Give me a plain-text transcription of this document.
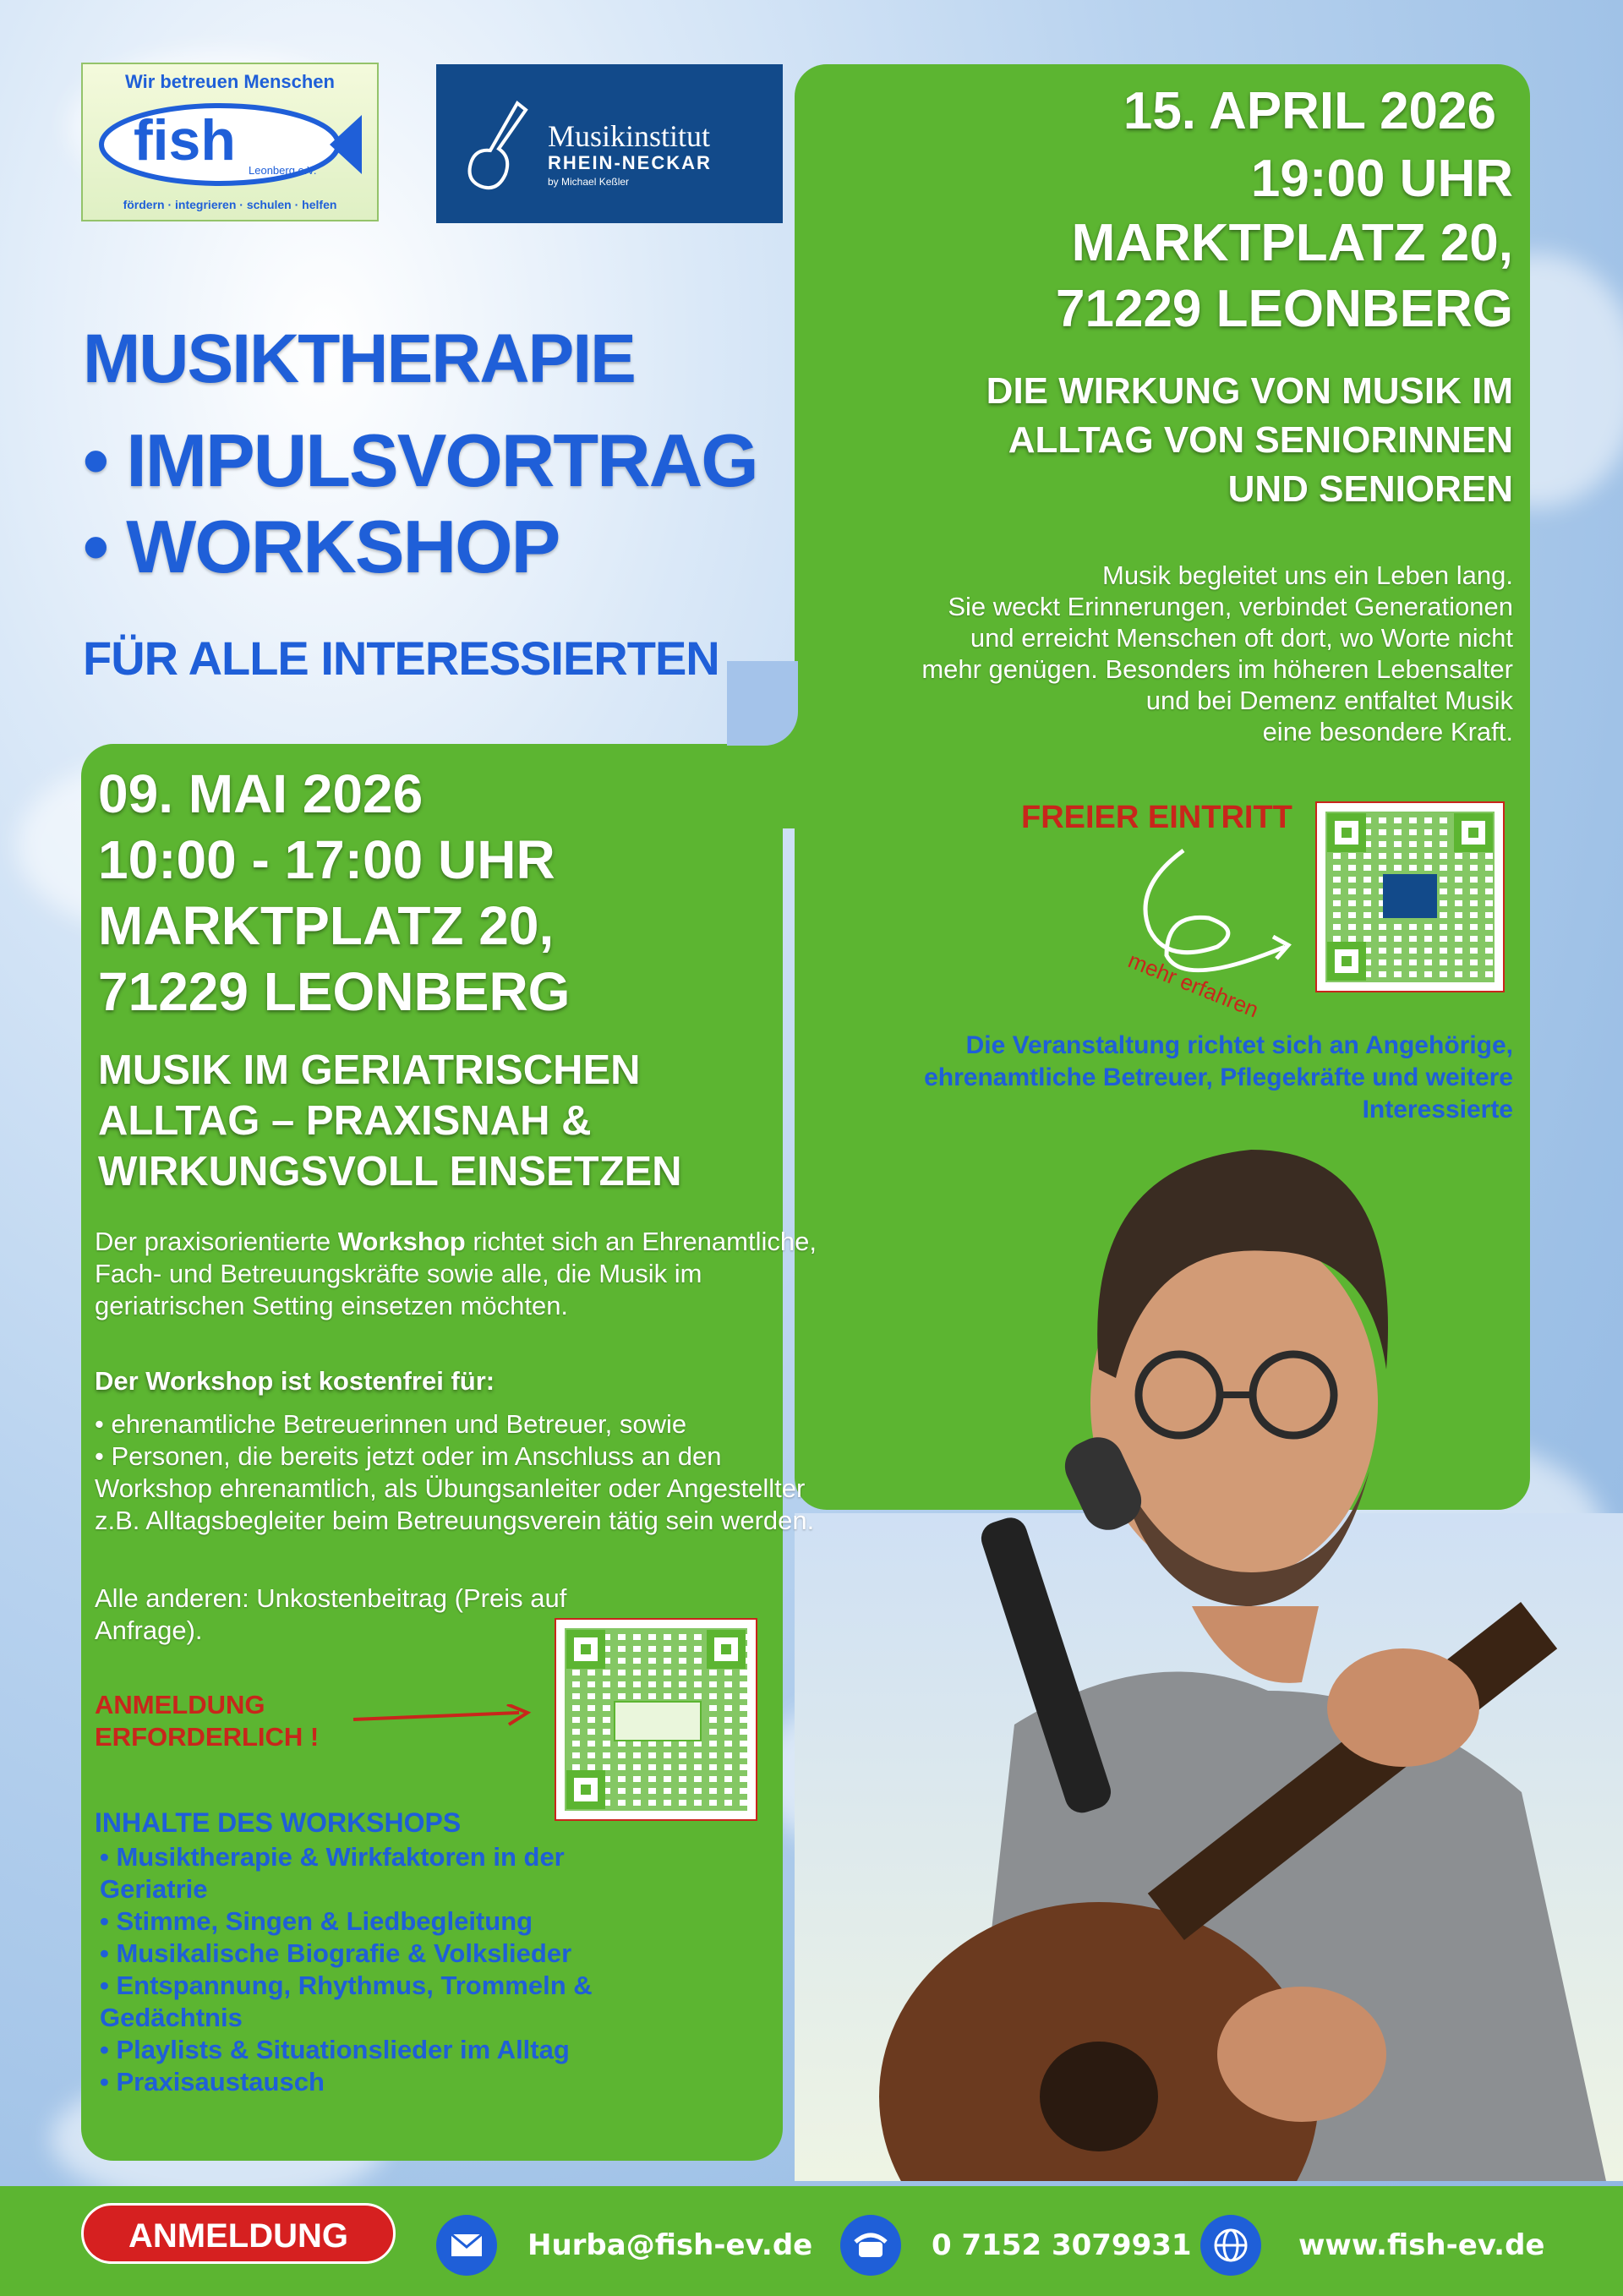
Wir betreuen Menschen
fish Leonberg e.V.
fördern · integrieren · schulen · helfen
Musikinstitut
RHEIN-NECKAR
by Michael Keßler
MUSIKTHERAPIE
• IMPULSVORTRAG
• WORKSHOP
FÜR ALLE INTERESSIERTEN
15. APRIL 2026
19:00 UHR
MARKTPLATZ 20,
71229 LEONBERG
DIE WIRKUNG VON MUSIK IM
ALLTAG VON SENIORINNEN
UND SENIOREN
Musik begleitet uns ein Leben lang.
Sie weckt Erinnerungen, verbindet Generationen
und erreicht Menschen oft dort, wo Worte nicht
mehr genügen. Besonders im höheren Lebensalter
und bei Demenz entfaltet Musik
eine besondere Kraft.
FREIER EINTRITT
mehr erfahren
Die Veranstaltung richtet sich an Angehörige,
ehrenamtliche Betreuer, Pflegekräfte und weitere
Interessierte
09. MAI 2026
10:00 - 17:00 UHR
MARKTPLATZ 20,
71229 LEONBERG
MUSIK IM GERIATRISCHEN
ALLTAG – PRAXISNAH &
WIRKUNGSVOLL EINSETZEN
Der praxisorientierte Workshop richtet sich an Ehrenamtliche, Fach- und Betreuungskräfte sowie alle, die Musik im geriatrischen Setting einsetzen möchten.
Der Workshop ist kostenfrei für:
• ehrenamtliche Betreuerinnen und Betreuer, sowie
• Personen, die bereits jetzt oder im Anschluss an den Workshop ehrenamtlich, als Übungsanleiter oder Angestellter z.B. Alltagsbegleiter beim Betreuungsverein tätig sein werden.
Alle anderen: Unkostenbeitrag (Preis auf Anfrage).
ANMELDUNG
ERFORDERLICH !
INHALTE DES WORKSHOPS
• Musiktherapie & Wirkfaktoren in der Geriatrie
• Stimme, Singen & Liedbegleitung
• Musikalische Biografie & Volkslieder
• Entspannung, Rhythmus, Trommeln & Gedächtnis
• Playlists & Situationslieder im Alltag
• Praxisaustausch
ANMELDUNG	Hurba@fish-ev.de	0 7152 3079931	www.fish-ev.de
